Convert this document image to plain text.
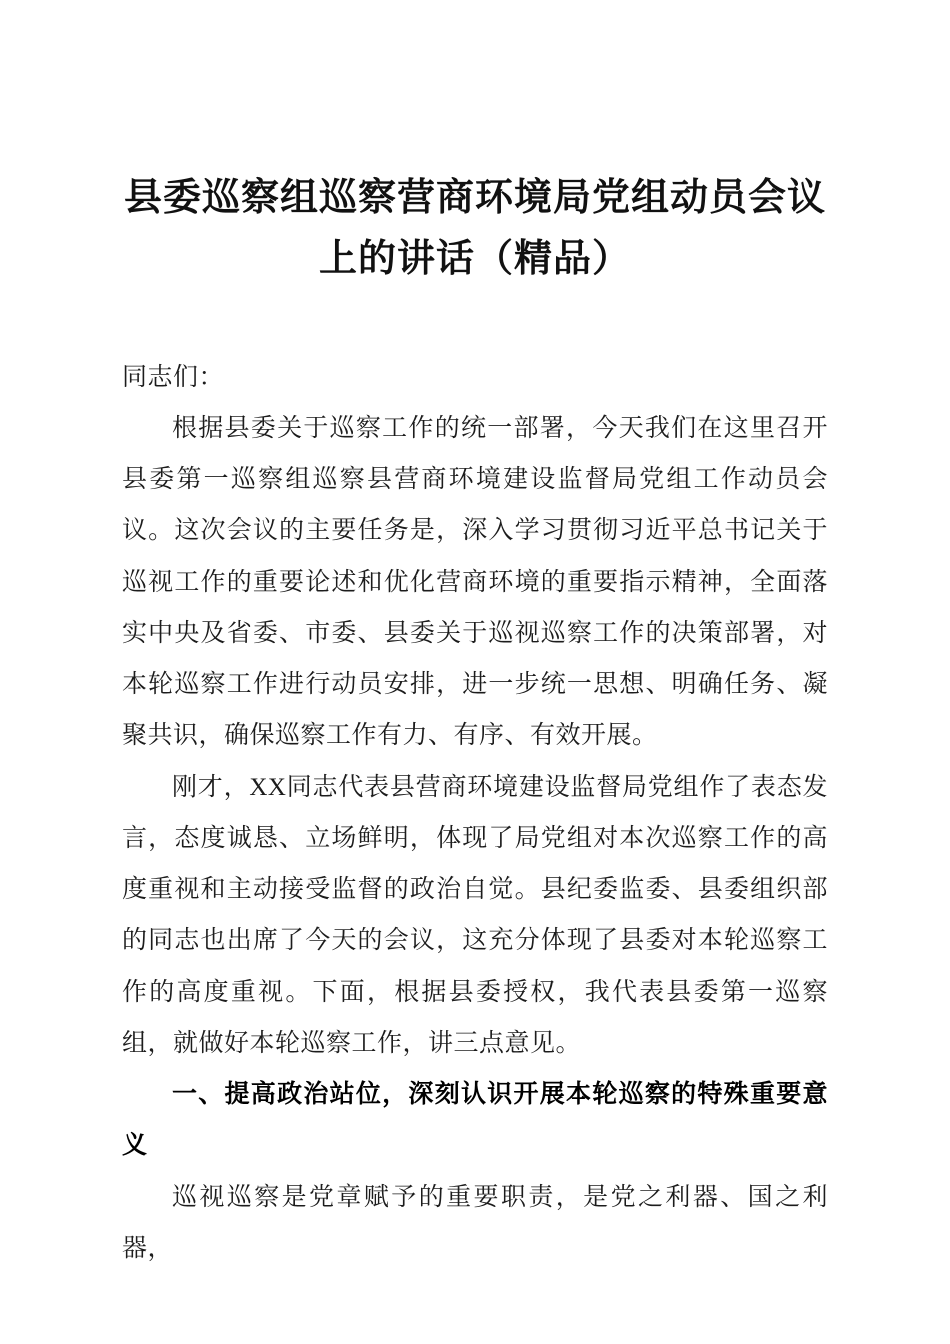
县委巡察组巡察营商环境局党组动员会议上的讲话（精品）

同志们：

根据县委关于巡察工作的统一部署，今天我们在这里召开县委第一巡察组巡察县营商环境建设监督局党组工作动员会议。这次会议的主要任务是，深入学习贯彻习近平总书记关于巡视工作的重要论述和优化营商环境的重要指示精神，全面落实中央及省委、市委、县委关于巡视巡察工作的决策部署，对本轮巡察工作进行动员安排，进一步统一思想、明确任务、凝聚共识，确保巡察工作有力、有序、有效开展。

刚才，XX同志代表县营商环境建设监督局党组作了表态发言，态度诚恳、立场鲜明，体现了局党组对本次巡察工作的高度重视和主动接受监督的政治自觉。县纪委监委、县委组织部的同志也出席了今天的会议，这充分体现了县委对本轮巡察工作的高度重视。下面，根据县委授权，我代表县委第一巡察组，就做好本轮巡察工作，讲三点意见。

一、提高政治站位，深刻认识开展本轮巡察的特殊重要意义

巡视巡察是党章赋予的重要职责，是党之利器、国之利器，
